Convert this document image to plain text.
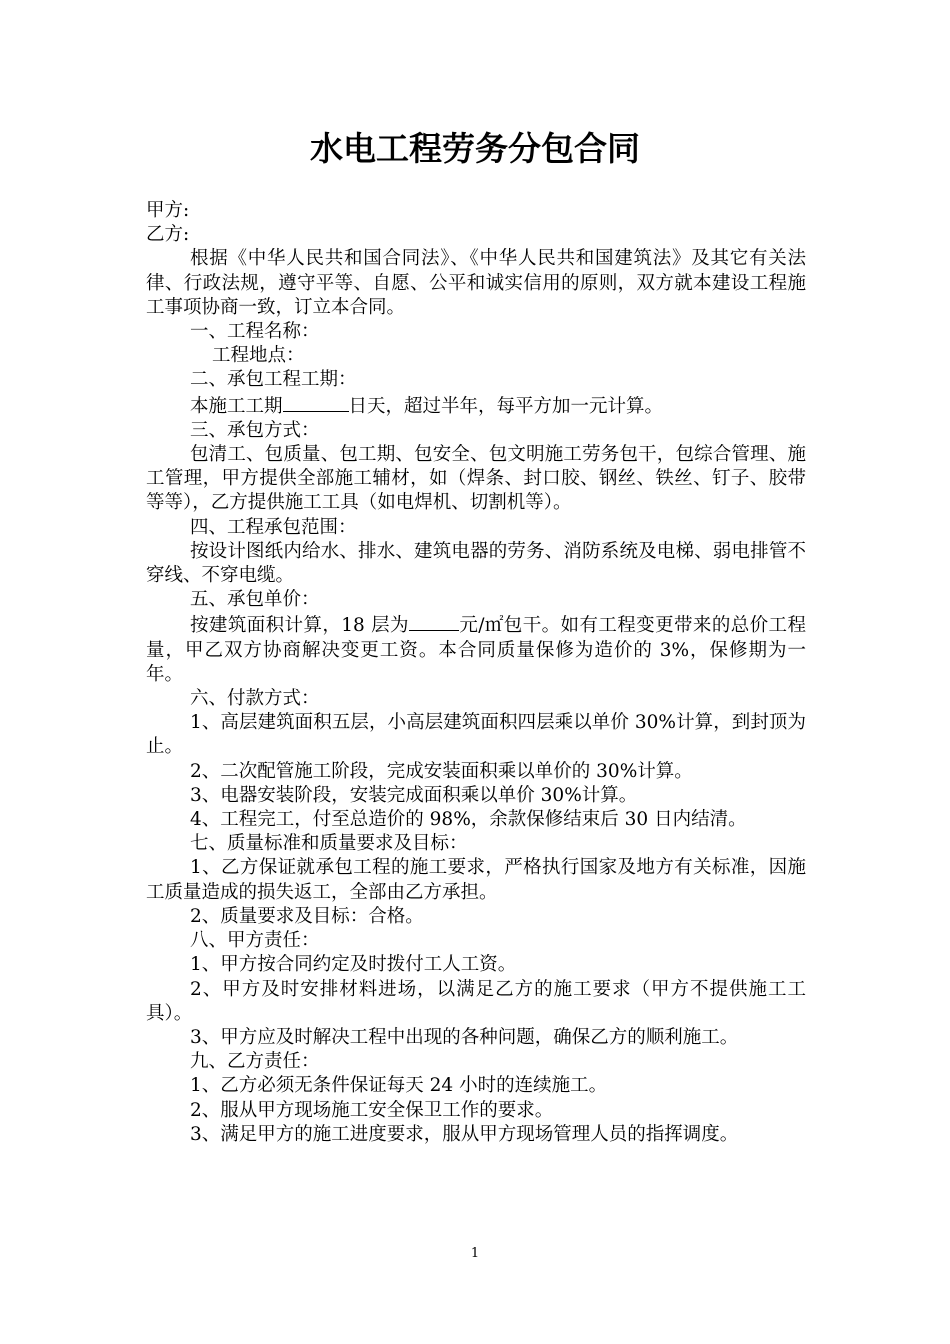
水电工程劳务分包合同

甲方:

乙方:

根据《中华人民共和国合同法》、《中华人民共和国建筑法》及其它有关法律、行政法规，遵守平等、自愿、公平和诚实信用的原则，双方就本建设工程施工事项协商一致，订立本合同。

一、工程名称：

工程地点：

二、承包工程工期：

本施工工期	日天，超过半年，每平方加一元计算。

三、承包方式：

包清工、包质量、包工期、包安全、包文明施工劳务包干，包综合管理、施工管理，甲方提供全部施工辅材，如（焊条、封口胶、钢丝、铁丝、钉子、胶带等等），乙方提供施工工具（如电焊机、切割机等）。

四、工程承包范围：

按设计图纸内给水、排水、建筑电器的劳务、消防系统及电梯、弱电排管不穿线、不穿电缆。

五、承包单价：

按建筑面积计算，18 层为	元/㎡包干。如有工程变更带来的总价工程量，甲乙双方协商解决变更工资。本合同质量保修为造价的 3%，保修期为一年。

六、付款方式：

1、高层建筑面积五层，小高层建筑面积四层乘以单价 30%计算，到封顶为止。

2、二次配管施工阶段，完成安装面积乘以单价的 30%计算。

3、电器安装阶段，安装完成面积乘以单价 30%计算。

4、工程完工，付至总造价的 98%，余款保修结束后 30 日内结清。

七、质量标准和质量要求及目标：

1、乙方保证就承包工程的施工要求，严格执行国家及地方有关标准，因施工质量造成的损失返工，全部由乙方承担。

2、质量要求及目标：合格。

八、甲方责任：

1、甲方按合同约定及时拨付工人工资。

2、甲方及时安排材料进场，以满足乙方的施工要求（甲方不提供施工工具）。

3、甲方应及时解决工程中出现的各种问题，确保乙方的顺利施工。

九、乙方责任：

1、乙方必须无条件保证每天 24 小时的连续施工。

2、服从甲方现场施工安全保卫工作的要求。

3、满足甲方的施工进度要求，服从甲方现场管理人员的指挥调度。

1
